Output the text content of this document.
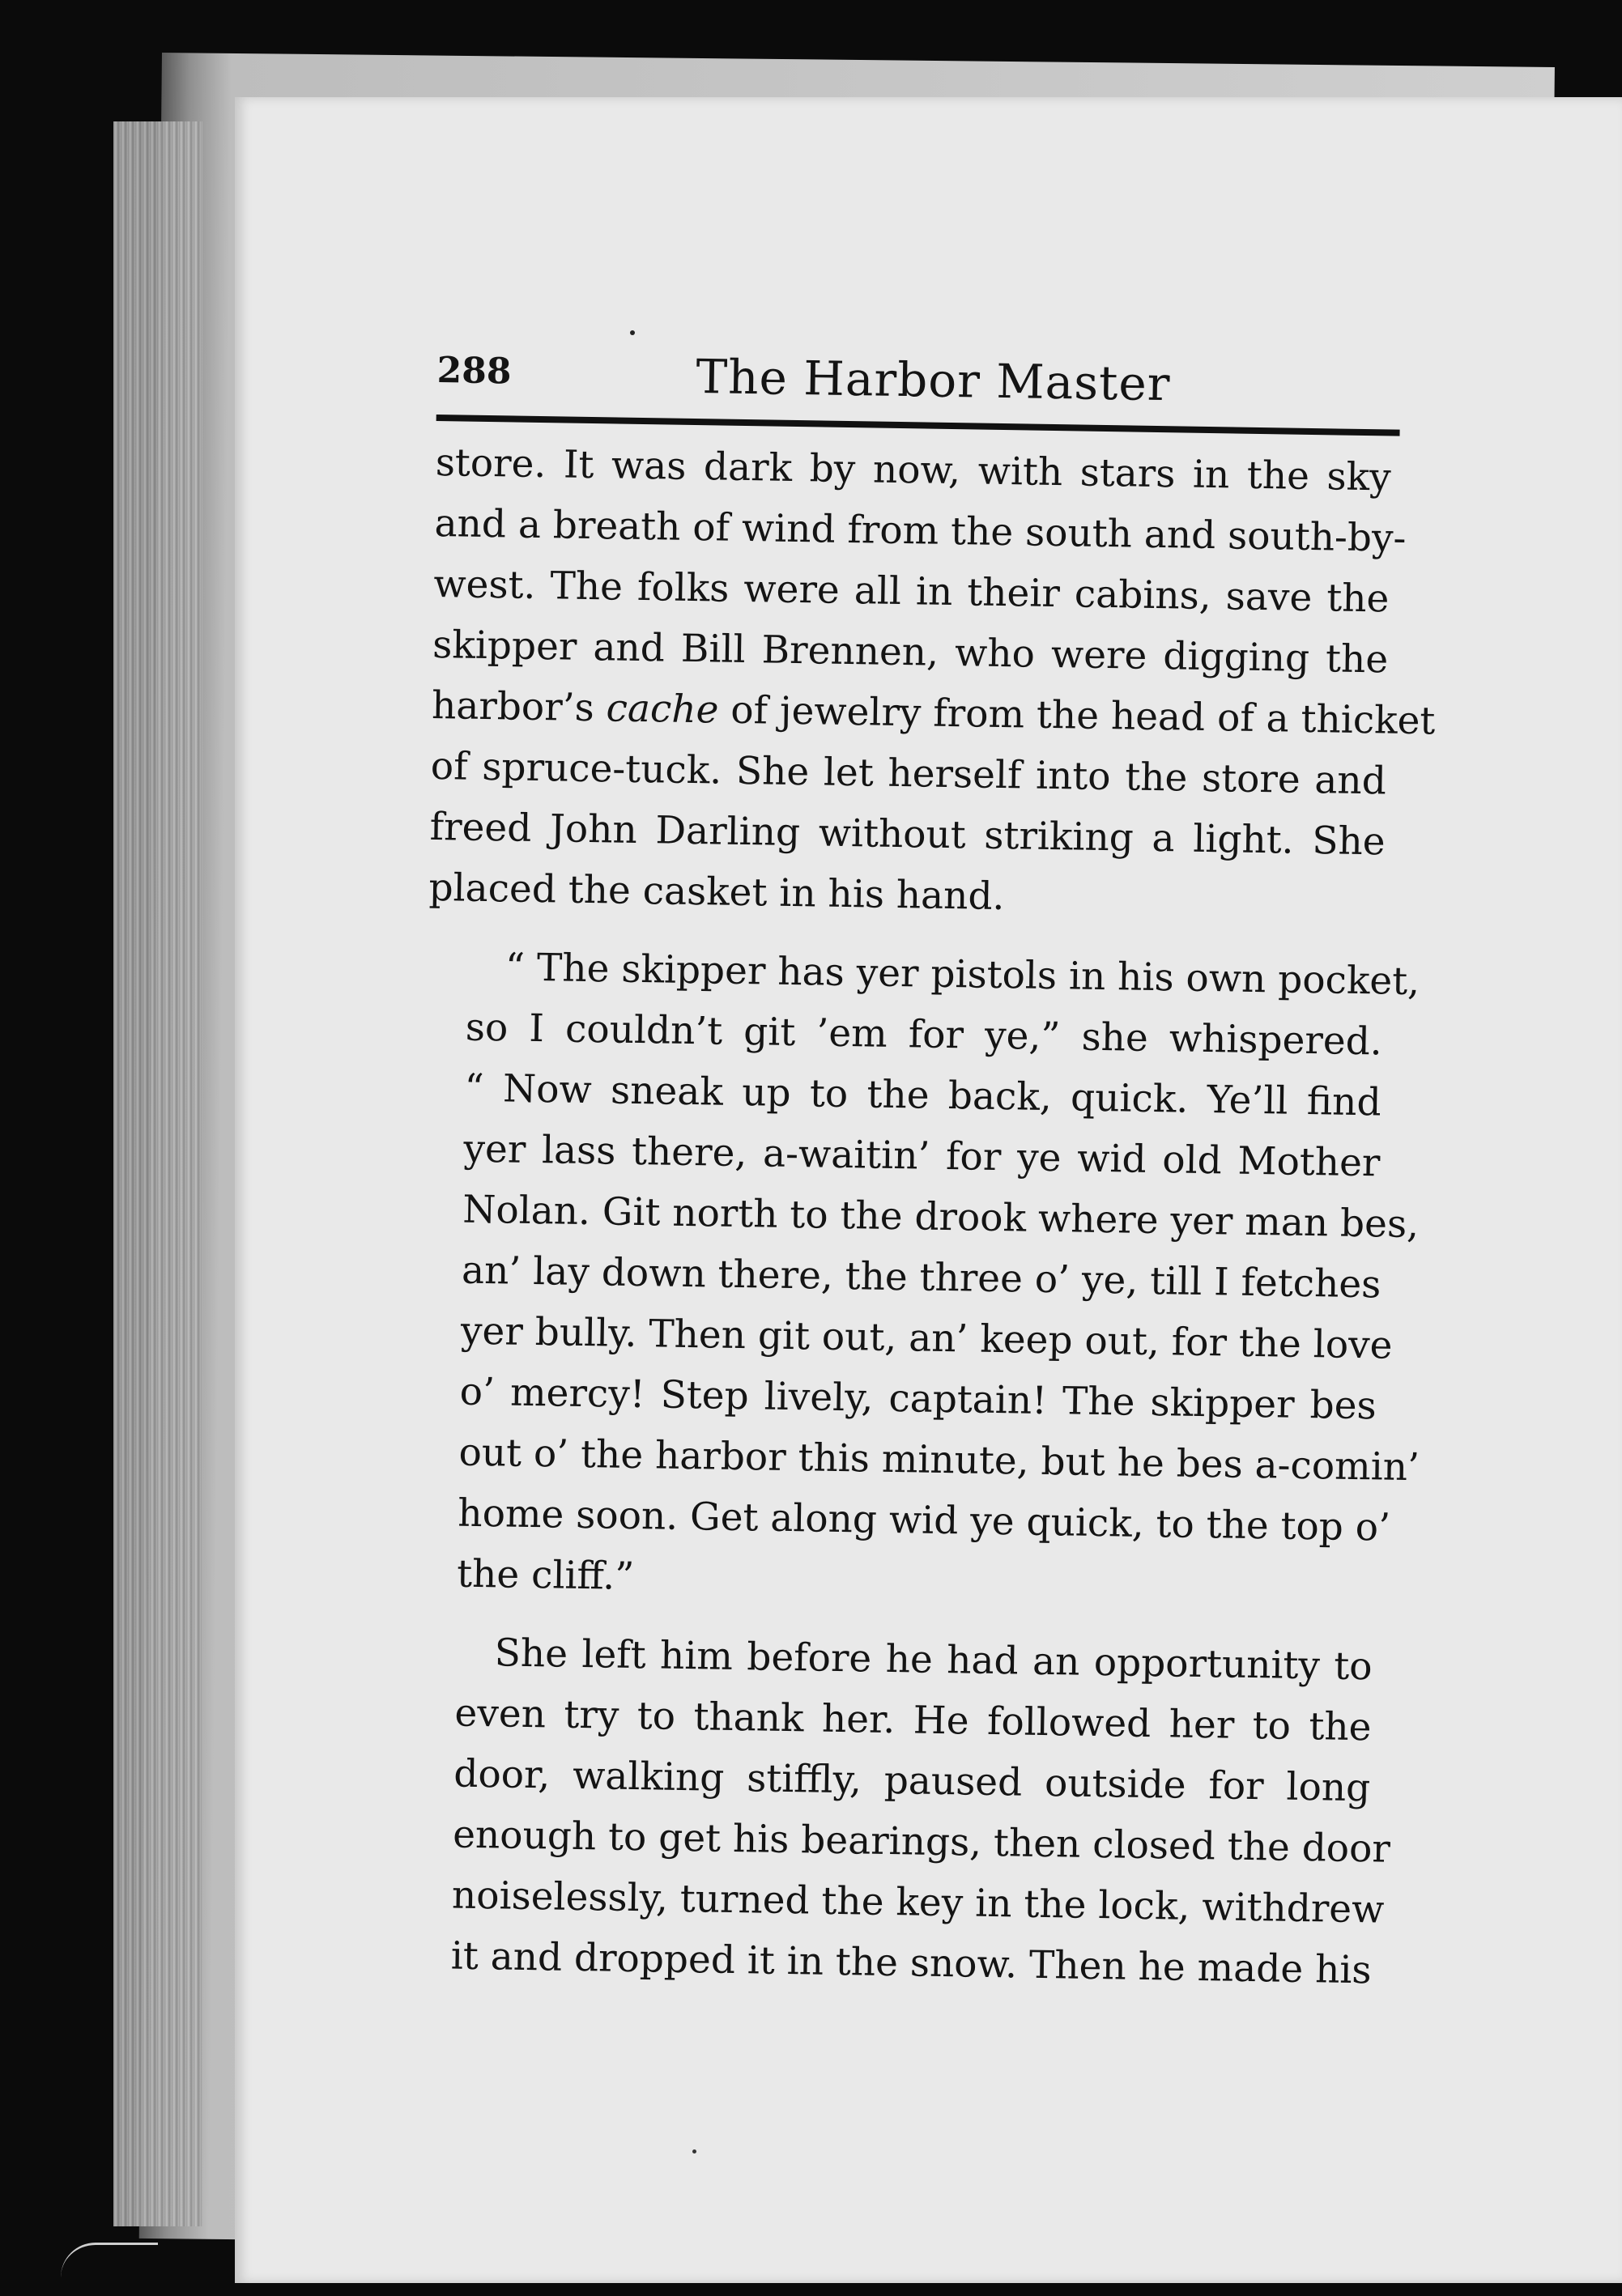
288	The Harbor Master

store. It was dark by now, with stars in the sky
and a breath of wind from the south and south-by-
west. The folks were all in their cabins, save the
skipper and Bill Brennen, who were digging the
harbor’s cache of jewelry from the head of a thicket
of spruce-tuck. She let herself into the store and
freed John Darling without striking a light. She
placed the casket in his hand.

“ The skipper has yer pistols in his own pocket,
so I couldn’t git ’em for ye,” she whispered.
“ Now sneak up to the back, quick. Ye’ll find
yer lass there, a-waitin’ for ye wid old Mother
Nolan. Git north to the drook where yer man bes,
an’ lay down there, the three o’ ye, till I fetches
yer bully. Then git out, an’ keep out, for the love
o’ mercy! Step lively, captain! The skipper bes
out o’ the harbor this minute, but he bes a-comin’
home soon. Get along wid ye quick, to the top o’
the cliff.”

She left him before he had an opportunity to
even try to thank her. He followed her to the
door, walking stiffly, paused outside for long
enough to get his bearings, then closed the door
noiselessly, turned the key in the lock, withdrew
it and dropped it in the snow. Then he made his
